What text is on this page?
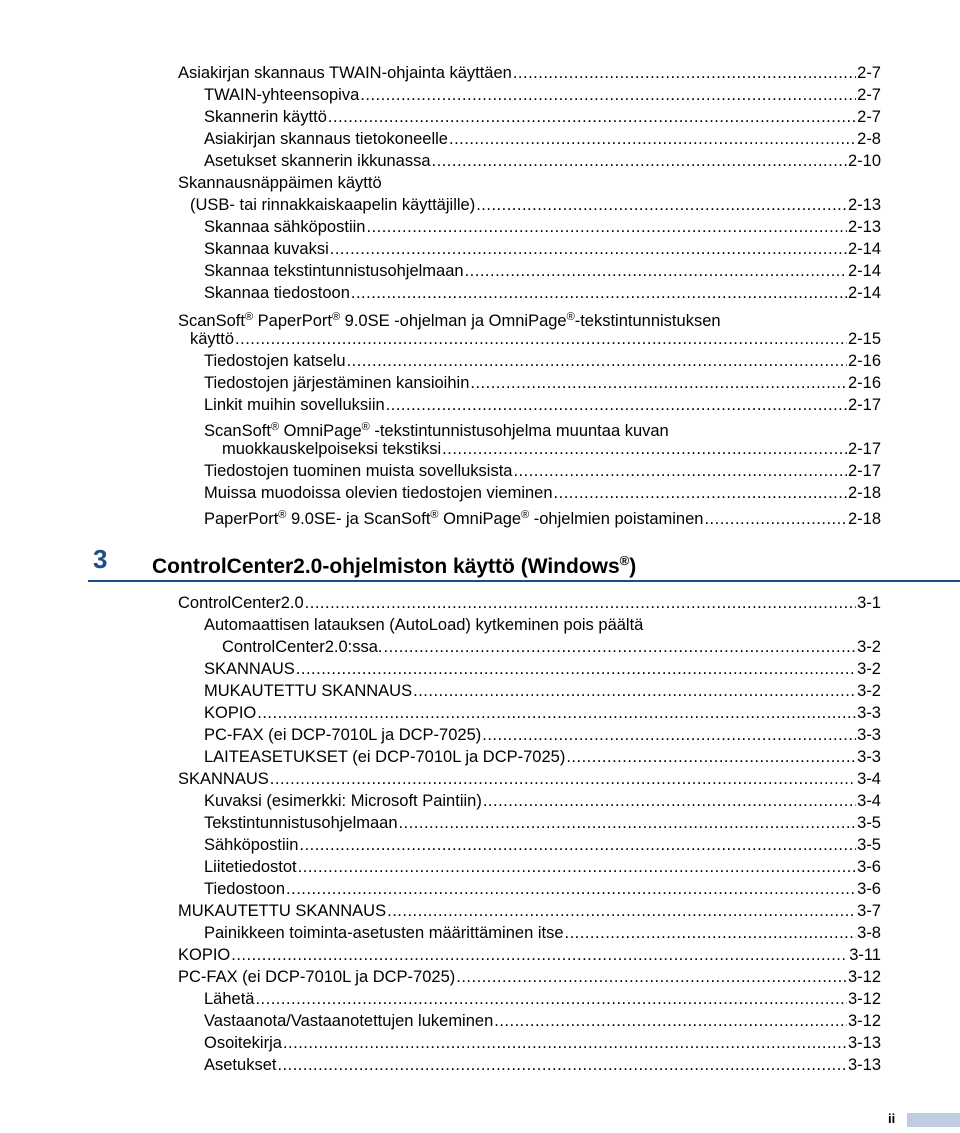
Asiakirjan skannaus TWAIN-ohjainta käyttäen .....	2-7
TWAIN-yhteensopiva .....	2-7
Skannerin käyttö .....	2-7
Asiakirjan skannaus tietokoneelle .....	2-8
Asetukset skannerin ikkunassa .....	2-10
Skannausnäppäimen käyttö
(USB- tai rinnakkaiskaapelin käyttäjille) .....	2-13
Skannaa sähköpostiin .....	2-13
Skannaa kuvaksi .....	2-14
Skannaa tekstintunnistusohjelmaan .....	2-14
Skannaa tiedostoon .....	2-14
ScanSoft® PaperPort® 9.0SE -ohjelman ja OmniPage®-tekstintunnistuksen
käyttö .....	2-15
Tiedostojen katselu .....	2-16
Tiedostojen järjestäminen kansioihin .....	2-16
Linkit muihin sovelluksiin .....	2-17
ScanSoft® OmniPage® -tekstintunnistusohjelma muuntaa kuvan
muokkauskelpoiseksi tekstiksi .....	2-17
Tiedostojen tuominen muista sovelluksista .....	2-17
Muissa muodoissa olevien tiedostojen vieminen .....	2-18
PaperPort® 9.0SE- ja ScanSoft® OmniPage® -ohjelmien poistaminen .....	2-18
3 ControlCenter2.0-ohjelmiston käyttö (Windows®)
ControlCenter2.0 .....	3-1
Automaattisen latauksen (AutoLoad) kytkeminen pois päältä
ControlCenter2.0:ssa. .....	3-2
SKANNAUS .....	3-2
MUKAUTETTU SKANNAUS .....	3-2
KOPIO .....	3-3
PC-FAX (ei DCP-7010L ja DCP-7025) .....	3-3
LAITEASETUKSET (ei DCP-7010L ja DCP-7025) .....	3-3
SKANNAUS .....	3-4
Kuvaksi (esimerkki: Microsoft Paintiin) .....	3-4
Tekstintunnistusohjelmaan .....	3-5
Sähköpostiin .....	3-5
Liitetiedostot .....	3-6
Tiedostoon .....	3-6
MUKAUTETTU SKANNAUS .....	3-7
Painikkeen toiminta-asetusten määrittäminen itse .....	3-8
KOPIO .....	3-11
PC-FAX (ei DCP-7010L ja DCP-7025) .....	3-12
Lähetä .....	3-12
Vastaanota/Vastaanotettujen lukeminen .....	3-12
Osoitekirja .....	3-13
Asetukset .....	3-13
ii
